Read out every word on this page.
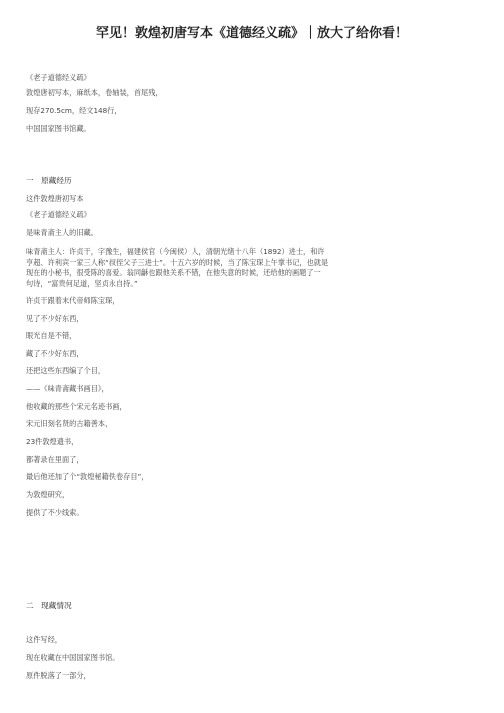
罕见！敦煌初唐写本《道德经义疏》｜放大了给你看！
《老子道德经义疏》
敦煌唐初写本，麻纸本，卷轴装，首尾残，
现存270.5cm，经文148行，
中国国家图书馆藏。
一　原藏经历
这件敦煌唐初写本
《老子道德经义疏》
是味青斋主人的旧藏。
味青斋主人：许贞干，字豫生，福建侯官（今闽侯）人，清朝光绪十八年（1892）进士，和许
亨超、许利宾一家三人称“叔侄父子三进士”。十五六岁的时候，当了陈宝琛上午掌书记，也就是
现在的小秘书，很受陈的喜爱。翁同龢也跟他关系不错，在他失意的时候，还给他的画题了一
句诗，“富贵何足道，坚贞永自持。”
许贞干跟着末代帝师陈宝琛，
见了不少好东西，
眼光自是不错，
藏了不少好东西，
还把这些东西编了个目，
——《味青斋藏书画目》，
他收藏的那些个宋元名迹书画，
宋元旧刻名贤的古籍善本，
23件敦煌遗书，
都著录在里面了，
最后他还加了个“敦煌秘籍佚卷存目”，
为敦煌研究，
提供了不少线索。
二　现藏情况
这件写经，
现在收藏在中国国家图书馆。
原件脱落了一部分，
